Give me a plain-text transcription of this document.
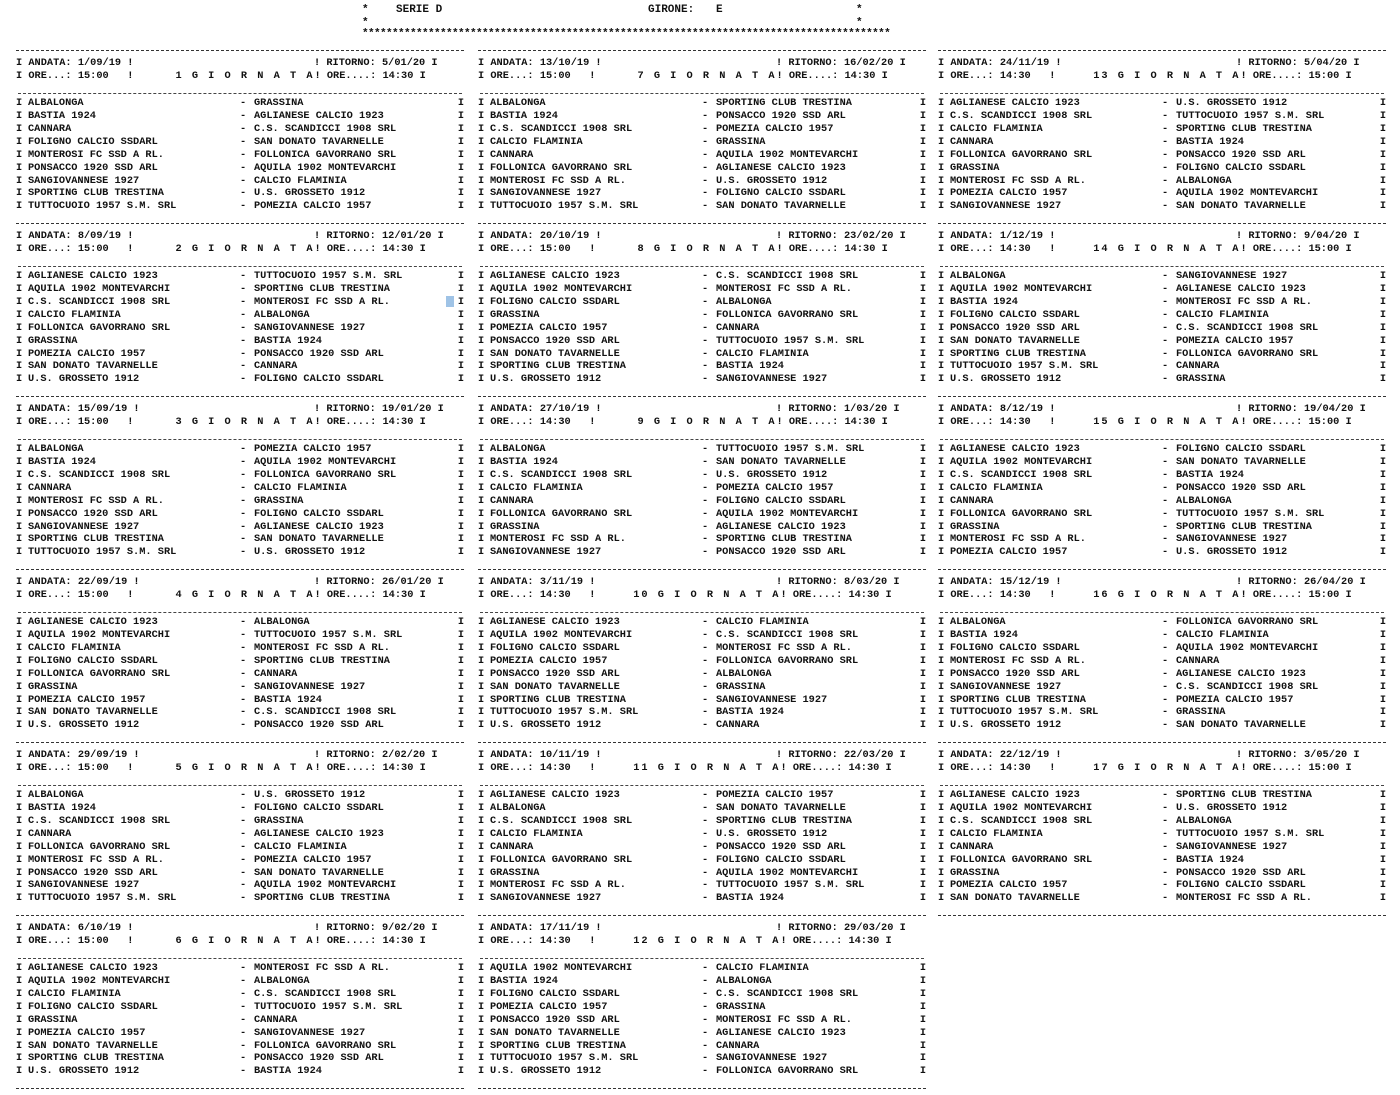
* SERIE D	GIRONE: E	*
*	*
****************************************************************************************
I ANDATA: 1/09/19 !	! RITORNO: 5/01/20 I
I ORE...: 15:00   !	1 G I O R N A T A ! ORE....: 14:30 I
I ALBALONGA	- GRASSINA	I
I BASTIA 1924	- AGLIANESE CALCIO 1923	I
I CANNARA	- C.S. SCANDICCI 1908 SRL	I
I FOLIGNO CALCIO SSDARL	- SAN DONATO TAVARNELLE	I
I MONTEROSI FC SSD A RL.	- FOLLONICA GAVORRANO SRL	I
I PONSACCO 1920 SSD ARL	- AQUILA 1902 MONTEVARCHI	I
I SANGIOVANNESE 1927	- CALCIO FLAMINIA	I
I SPORTING CLUB TRESTINA	- U.S. GROSSETO 1912	I
I TUTTOCUOIO 1957 S.M. SRL	- POMEZIA CALCIO 1957	I
I ANDATA: 8/09/19 !	! RITORNO: 12/01/20 I
I ORE...: 15:00   !	2 G I O R N A T A ! ORE....: 14:30 I
I AGLIANESE CALCIO 1923	- TUTTOCUOIO 1957 S.M. SRL	I
I AQUILA 1902 MONTEVARCHI	- SPORTING CLUB TRESTINA	I
I C.S. SCANDICCI 1908 SRL	- MONTEROSI FC SSD A RL.	I
I CALCIO FLAMINIA	- ALBALONGA	I
I FOLLONICA GAVORRANO SRL	- SANGIOVANNESE 1927	I
I GRASSINA	- BASTIA 1924	I
I POMEZIA CALCIO 1957	- PONSACCO 1920 SSD ARL	I
I SAN DONATO TAVARNELLE	- CANNARA	I
I U.S. GROSSETO 1912	- FOLIGNO CALCIO SSDARL	I
I ANDATA: 15/09/19 !	! RITORNO: 19/01/20 I
I ORE...: 15:00   !	3 G I O R N A T A ! ORE....: 14:30 I
I ALBALONGA	- POMEZIA CALCIO 1957	I
I BASTIA 1924	- AQUILA 1902 MONTEVARCHI	I
I C.S. SCANDICCI 1908 SRL	- FOLLONICA GAVORRANO SRL	I
I CANNARA	- CALCIO FLAMINIA	I
I MONTEROSI FC SSD A RL.	- GRASSINA	I
I PONSACCO 1920 SSD ARL	- FOLIGNO CALCIO SSDARL	I
I SANGIOVANNESE 1927	- AGLIANESE CALCIO 1923	I
I SPORTING CLUB TRESTINA	- SAN DONATO TAVARNELLE	I
I TUTTOCUOIO 1957 S.M. SRL	- U.S. GROSSETO 1912	I
I ANDATA: 22/09/19 !	! RITORNO: 26/01/20 I
I ORE...: 15:00   !	4 G I O R N A T A ! ORE....: 14:30 I
I AGLIANESE CALCIO 1923	- ALBALONGA	I
I AQUILA 1902 MONTEVARCHI	- TUTTOCUOIO 1957 S.M. SRL	I
I CALCIO FLAMINIA	- MONTEROSI FC SSD A RL.	I
I FOLIGNO CALCIO SSDARL	- SPORTING CLUB TRESTINA	I
I FOLLONICA GAVORRANO SRL	- CANNARA	I
I GRASSINA	- SANGIOVANNESE 1927	I
I POMEZIA CALCIO 1957	- BASTIA 1924	I
I SAN DONATO TAVARNELLE	- C.S. SCANDICCI 1908 SRL	I
I U.S. GROSSETO 1912	- PONSACCO 1920 SSD ARL	I
I ANDATA: 29/09/19 !	! RITORNO: 2/02/20 I
I ORE...: 15:00   !	5 G I O R N A T A ! ORE....: 14:30 I
I ALBALONGA	- U.S. GROSSETO 1912	I
I BASTIA 1924	- FOLIGNO CALCIO SSDARL	I
I C.S. SCANDICCI 1908 SRL	- GRASSINA	I
I CANNARA	- AGLIANESE CALCIO 1923	I
I FOLLONICA GAVORRANO SRL	- CALCIO FLAMINIA	I
I MONTEROSI FC SSD A RL.	- POMEZIA CALCIO 1957	I
I PONSACCO 1920 SSD ARL	- SAN DONATO TAVARNELLE	I
I SANGIOVANNESE 1927	- AQUILA 1902 MONTEVARCHI	I
I TUTTOCUOIO 1957 S.M. SRL	- SPORTING CLUB TRESTINA	I
I ANDATA: 6/10/19 !	! RITORNO: 9/02/20 I
I ORE...: 15:00   !	6 G I O R N A T A ! ORE....: 14:30 I
I AGLIANESE CALCIO 1923	- MONTEROSI FC SSD A RL.	I
I AQUILA 1902 MONTEVARCHI	- ALBALONGA	I
I CALCIO FLAMINIA	- C.S. SCANDICCI 1908 SRL	I
I FOLIGNO CALCIO SSDARL	- TUTTOCUOIO 1957 S.M. SRL	I
I GRASSINA	- CANNARA	I
I POMEZIA CALCIO 1957	- SANGIOVANNESE 1927	I
I SAN DONATO TAVARNELLE	- FOLLONICA GAVORRANO SRL	I
I SPORTING CLUB TRESTINA	- PONSACCO 1920 SSD ARL	I
I U.S. GROSSETO 1912	- BASTIA 1924	I
I ANDATA: 13/10/19 !	! RITORNO: 16/02/20 I
I ORE...: 15:00   !	7 G I O R N A T A ! ORE....: 14:30 I
I ALBALONGA	- SPORTING CLUB TRESTINA	I
I BASTIA 1924	- PONSACCO 1920 SSD ARL	I
I C.S. SCANDICCI 1908 SRL	- POMEZIA CALCIO 1957	I
I CALCIO FLAMINIA	- GRASSINA	I
I CANNARA	- AQUILA 1902 MONTEVARCHI	I
I FOLLONICA GAVORRANO SRL	- AGLIANESE CALCIO 1923	I
I MONTEROSI FC SSD A RL.	- U.S. GROSSETO 1912	I
I SANGIOVANNESE 1927	- FOLIGNO CALCIO SSDARL	I
I TUTTOCUOIO 1957 S.M. SRL	- SAN DONATO TAVARNELLE	I
I ANDATA: 20/10/19 !	! RITORNO: 23/02/20 I
I ORE...: 15:00   !	8 G I O R N A T A ! ORE....: 14:30 I
I AGLIANESE CALCIO 1923	- C.S. SCANDICCI 1908 SRL	I
I AQUILA 1902 MONTEVARCHI	- MONTEROSI FC SSD A RL.	I
I FOLIGNO CALCIO SSDARL	- ALBALONGA	I
I GRASSINA	- FOLLONICA GAVORRANO SRL	I
I POMEZIA CALCIO 1957	- CANNARA	I
I PONSACCO 1920 SSD ARL	- TUTTOCUOIO 1957 S.M. SRL	I
I SAN DONATO TAVARNELLE	- CALCIO FLAMINIA	I
I SPORTING CLUB TRESTINA	- BASTIA 1924	I
I U.S. GROSSETO 1912	- SANGIOVANNESE 1927	I
I ANDATA: 27/10/19 !	! RITORNO: 1/03/20 I
I ORE...: 14:30   !	9 G I O R N A T A ! ORE....: 14:30 I
I ALBALONGA	- TUTTOCUOIO 1957 S.M. SRL	I
I BASTIA 1924	- SAN DONATO TAVARNELLE	I
I C.S. SCANDICCI 1908 SRL	- U.S. GROSSETO 1912	I
I CALCIO FLAMINIA	- POMEZIA CALCIO 1957	I
I CANNARA	- FOLIGNO CALCIO SSDARL	I
I FOLLONICA GAVORRANO SRL	- AQUILA 1902 MONTEVARCHI	I
I GRASSINA	- AGLIANESE CALCIO 1923	I
I MONTEROSI FC SSD A RL.	- SPORTING CLUB TRESTINA	I
I SANGIOVANNESE 1927	- PONSACCO 1920 SSD ARL	I
I ANDATA: 3/11/19 !	! RITORNO: 8/03/20 I
I ORE...: 14:30   !	10 G I O R N A T A ! ORE....: 14:30 I
I AGLIANESE CALCIO 1923	- CALCIO FLAMINIA	I
I AQUILA 1902 MONTEVARCHI	- C.S. SCANDICCI 1908 SRL	I
I FOLIGNO CALCIO SSDARL	- MONTEROSI FC SSD A RL.	I
I POMEZIA CALCIO 1957	- FOLLONICA GAVORRANO SRL	I
I PONSACCO 1920 SSD ARL	- ALBALONGA	I
I SAN DONATO TAVARNELLE	- GRASSINA	I
I SPORTING CLUB TRESTINA	- SANGIOVANNESE 1927	I
I TUTTOCUOIO 1957 S.M. SRL	- BASTIA 1924	I
I U.S. GROSSETO 1912	- CANNARA	I
I ANDATA: 10/11/19 !	! RITORNO: 22/03/20 I
I ORE...: 14:30   !	11 G I O R N A T A ! ORE....: 14:30 I
I AGLIANESE CALCIO 1923	- POMEZIA CALCIO 1957	I
I ALBALONGA	- SAN DONATO TAVARNELLE	I
I C.S. SCANDICCI 1908 SRL	- SPORTING CLUB TRESTINA	I
I CALCIO FLAMINIA	- U.S. GROSSETO 1912	I
I CANNARA	- PONSACCO 1920 SSD ARL	I
I FOLLONICA GAVORRANO SRL	- FOLIGNO CALCIO SSDARL	I
I GRASSINA	- AQUILA 1902 MONTEVARCHI	I
I MONTEROSI FC SSD A RL.	- TUTTOCUOIO 1957 S.M. SRL	I
I SANGIOVANNESE 1927	- BASTIA 1924	I
I ANDATA: 17/11/19 !	! RITORNO: 29/03/20 I
I ORE...: 14:30   !	12 G I O R N A T A ! ORE....: 14:30 I
I AQUILA 1902 MONTEVARCHI	- CALCIO FLAMINIA	I
I BASTIA 1924	- ALBALONGA	I
I FOLIGNO CALCIO SSDARL	- C.S. SCANDICCI 1908 SRL	I
I POMEZIA CALCIO 1957	- GRASSINA	I
I PONSACCO 1920 SSD ARL	- MONTEROSI FC SSD A RL.	I
I SAN DONATO TAVARNELLE	- AGLIANESE CALCIO 1923	I
I SPORTING CLUB TRESTINA	- CANNARA	I
I TUTTOCUOIO 1957 S.M. SRL	- SANGIOVANNESE 1927	I
I U.S. GROSSETO 1912	- FOLLONICA GAVORRANO SRL	I
I ANDATA: 24/11/19 !	! RITORNO: 5/04/20 I
I ORE...: 14:30   !	13 G I O R N A T A ! ORE....: 15:00 I
I AGLIANESE CALCIO 1923	- U.S. GROSSETO 1912	I
I C.S. SCANDICCI 1908 SRL	- TUTTOCUOIO 1957 S.M. SRL	I
I CALCIO FLAMINIA	- SPORTING CLUB TRESTINA	I
I CANNARA	- BASTIA 1924	I
I FOLLONICA GAVORRANO SRL	- PONSACCO 1920 SSD ARL	I
I GRASSINA	- FOLIGNO CALCIO SSDARL	I
I MONTEROSI FC SSD A RL.	- ALBALONGA	I
I POMEZIA CALCIO 1957	- AQUILA 1902 MONTEVARCHI	I
I SANGIOVANNESE 1927	- SAN DONATO TAVARNELLE	I
I ANDATA: 1/12/19 !	! RITORNO: 9/04/20 I
I ORE...: 14:30   !	14 G I O R N A T A ! ORE....: 15:00 I
I ALBALONGA	- SANGIOVANNESE 1927	I
I AQUILA 1902 MONTEVARCHI	- AGLIANESE CALCIO 1923	I
I BASTIA 1924	- MONTEROSI FC SSD A RL.	I
I FOLIGNO CALCIO SSDARL	- CALCIO FLAMINIA	I
I PONSACCO 1920 SSD ARL	- C.S. SCANDICCI 1908 SRL	I
I SAN DONATO TAVARNELLE	- POMEZIA CALCIO 1957	I
I SPORTING CLUB TRESTINA	- FOLLONICA GAVORRANO SRL	I
I TUTTOCUOIO 1957 S.M. SRL	- CANNARA	I
I U.S. GROSSETO 1912	- GRASSINA	I
I ANDATA: 8/12/19 !	! RITORNO: 19/04/20 I
I ORE...: 14:30   !	15 G I O R N A T A ! ORE....: 15:00 I
I AGLIANESE CALCIO 1923	- FOLIGNO CALCIO SSDARL	I
I AQUILA 1902 MONTEVARCHI	- SAN DONATO TAVARNELLE	I
I C.S. SCANDICCI 1908 SRL	- BASTIA 1924	I
I CALCIO FLAMINIA	- PONSACCO 1920 SSD ARL	I
I CANNARA	- ALBALONGA	I
I FOLLONICA GAVORRANO SRL	- TUTTOCUOIO 1957 S.M. SRL	I
I GRASSINA	- SPORTING CLUB TRESTINA	I
I MONTEROSI FC SSD A RL.	- SANGIOVANNESE 1927	I
I POMEZIA CALCIO 1957	- U.S. GROSSETO 1912	I
I ANDATA: 15/12/19 !	! RITORNO: 26/04/20 I
I ORE...: 14:30   !	16 G I O R N A T A ! ORE....: 15:00 I
I ALBALONGA	- FOLLONICA GAVORRANO SRL	I
I BASTIA 1924	- CALCIO FLAMINIA	I
I FOLIGNO CALCIO SSDARL	- AQUILA 1902 MONTEVARCHI	I
I MONTEROSI FC SSD A RL.	- CANNARA	I
I PONSACCO 1920 SSD ARL	- AGLIANESE CALCIO 1923	I
I SANGIOVANNESE 1927	- C.S. SCANDICCI 1908 SRL	I
I SPORTING CLUB TRESTINA	- POMEZIA CALCIO 1957	I
I TUTTOCUOIO 1957 S.M. SRL	- GRASSINA	I
I U.S. GROSSETO 1912	- SAN DONATO TAVARNELLE	I
I ANDATA: 22/12/19 !	! RITORNO: 3/05/20 I
I ORE...: 14:30   !	17 G I O R N A T A ! ORE....: 15:00 I
I AGLIANESE CALCIO 1923	- SPORTING CLUB TRESTINA	I
I AQUILA 1902 MONTEVARCHI	- U.S. GROSSETO 1912	I
I C.S. SCANDICCI 1908 SRL	- ALBALONGA	I
I CALCIO FLAMINIA	- TUTTOCUOIO 1957 S.M. SRL	I
I CANNARA	- SANGIOVANNESE 1927	I
I FOLLONICA GAVORRANO SRL	- BASTIA 1924	I
I GRASSINA	- PONSACCO 1920 SSD ARL	I
I POMEZIA CALCIO 1957	- FOLIGNO CALCIO SSDARL	I
I SAN DONATO TAVARNELLE	- MONTEROSI FC SSD A RL.	I
